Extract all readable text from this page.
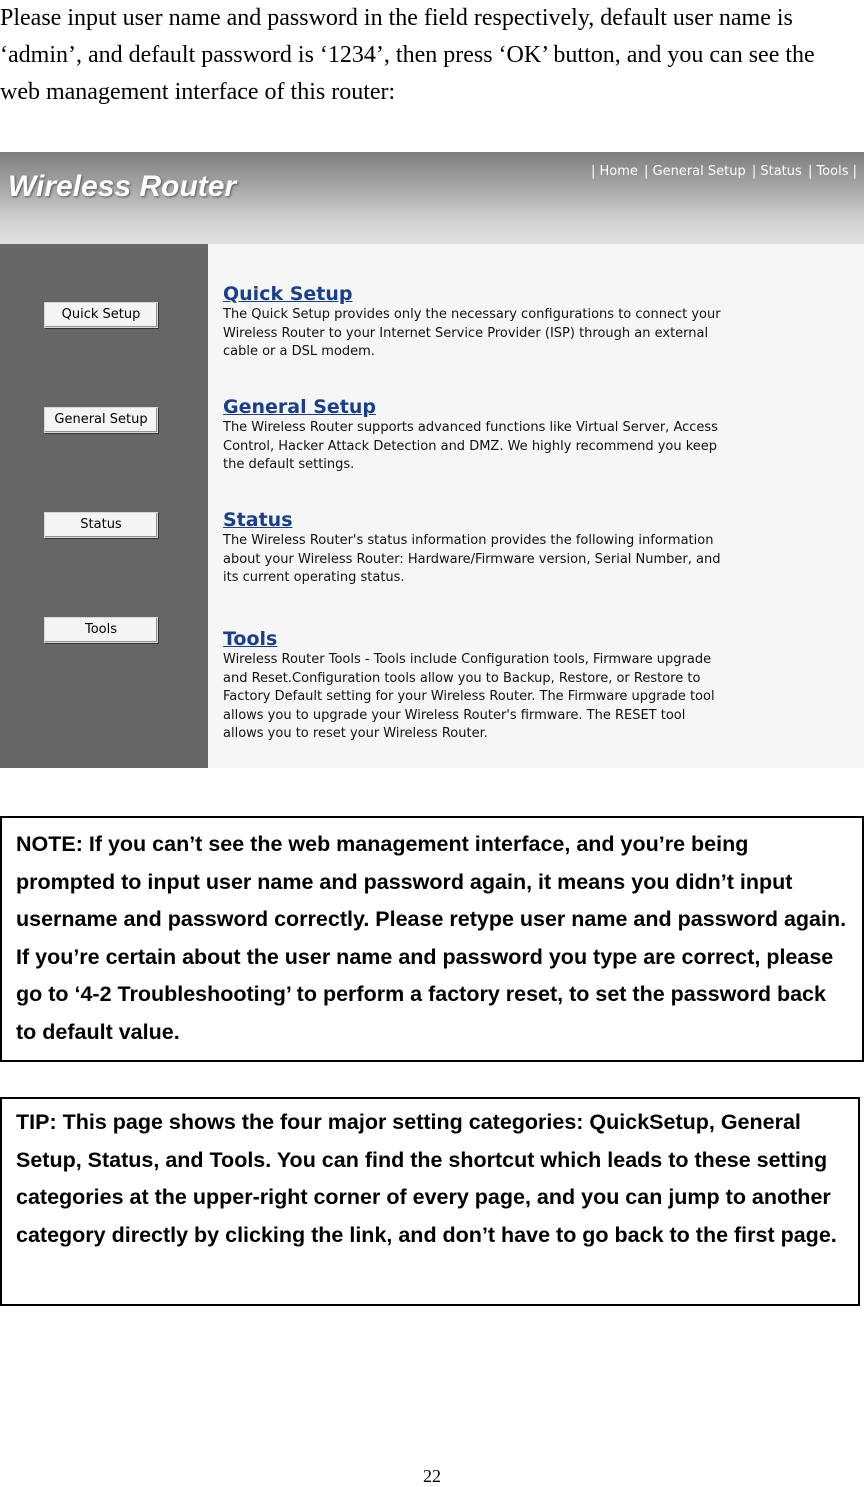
Please input user name and password in the field respectively, default user name is ‘admin’, and default password is ‘1234’, then press ‘OK’ button, and you can see the web management interface of this router:

Wireless Router	| Home | General Setup | Status | Tools |
Quick Setup
General Setup
Status
Tools
Quick Setup
The Quick Setup provides only the necessary configurations to connect your Wireless Router to your Internet Service Provider (ISP) through an external cable or a DSL modem.
General Setup
The Wireless Router supports advanced functions like Virtual Server, Access Control, Hacker Attack Detection and DMZ. We highly recommend you keep the default settings.
Status
The Wireless Router's status information provides the following information about your Wireless Router: Hardware/Firmware version, Serial Number, and its current operating status.
Tools
Wireless Router Tools - Tools include Configuration tools, Firmware upgrade and Reset.Configuration tools allow you to Backup, Restore, or Restore to Factory Default setting for your Wireless Router. The Firmware upgrade tool allows you to upgrade your Wireless Router's firmware. The RESET tool allows you to reset your Wireless Router.
NOTE: If you can’t see the web management interface, and you’re being prompted to input user name and password again, it means you didn’t input username and password correctly. Please retype user name and password again. If you’re certain about the user name and password you type are correct, please go to ‘4-2 Troubleshooting’ to perform a factory reset, to set the password back to default value.
TIP: This page shows the four major setting categories: QuickSetup, General Setup, Status, and Tools. You can find the shortcut which leads to these setting categories at the upper-right corner of every page, and you can jump to another category directly by clicking the link, and don’t have to go back to the first page.
22
